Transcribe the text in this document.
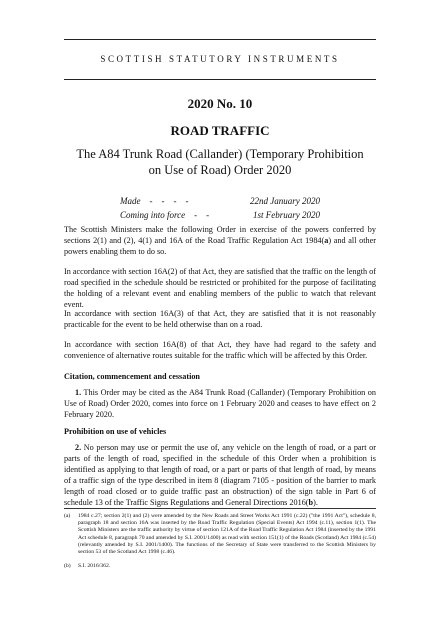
SCOTTISH STATUTORY INSTRUMENTS
2020 No. 10
ROAD TRAFFIC
The A84 Trunk Road (Callander) (Temporary Prohibition on Use of Road) Order 2020
Made    -    -    -    -	22nd January 2020
Coming into force    -    -	1st February 2020

The Scottish Ministers make the following Order in exercise of the powers conferred by sections 2(1) and (2), 4(1) and 16A of the Road Traffic Regulation Act 1984(a) and all other powers enabling them to do so.

In accordance with section 16A(2) of that Act, they are satisfied that the traffic on the length of road specified in the schedule should be restricted or prohibited for the purpose of facilitating the holding of a relevant event and enabling members of the public to watch that relevant event.

In accordance with section 16A(3) of that Act, they are satisfied that it is not reasonably practicable for the event to be held otherwise than on a road.

In accordance with section 16A(8) of that Act, they have had regard to the safety and convenience of alternative routes suitable for the traffic which will be affected by this Order.

Citation, commencement and cessation

1. This Order may be cited as the A84 Trunk Road (Callander) (Temporary Prohibition on Use of Road) Order 2020, comes into force on 1 February 2020 and ceases to have effect on 2 February 2020.

Prohibition on use of vehicles

2. No person may use or permit the use of, any vehicle on the length of road, or a part or parts of the length of road, specified in the schedule of this Order when a prohibition is identified as applying to that length of road, or a part or parts of that length of road, by means of a traffic sign of the type described in item 8 (diagram 7105 - position of the barrier to mark length of road closed or to guide traffic past an obstruction) of the sign table in Part 6 of schedule 13 of the Traffic Signs Regulations and General Directions 2016(b).

(a) 1984 c.27; section 2(1) and (2) were amended by the New Roads and Street Works Act 1991 (c.22) ("the 1991 Act"), schedule 8, paragraph 18 and section 16A was inserted by the Road Traffic Regulation (Special Events) Act 1994 (c.11), section 1(1). The Scottish Ministers are the traffic authority by virtue of section 121A of the Road Traffic Regulation Act 1984 (inserted by the 1991 Act schedule 8, paragraph 70 and amended by S.I. 2001/1400) as read with section 151(1) of the Roads (Scotland) Act 1984 (c.54) (relevantly amended by S.I. 2001/1400). The functions of the Secretary of State were transferred to the Scottish Ministers by section 53 of the Scotland Act 1998 (c.46).
(b) S.I. 2016/362.
